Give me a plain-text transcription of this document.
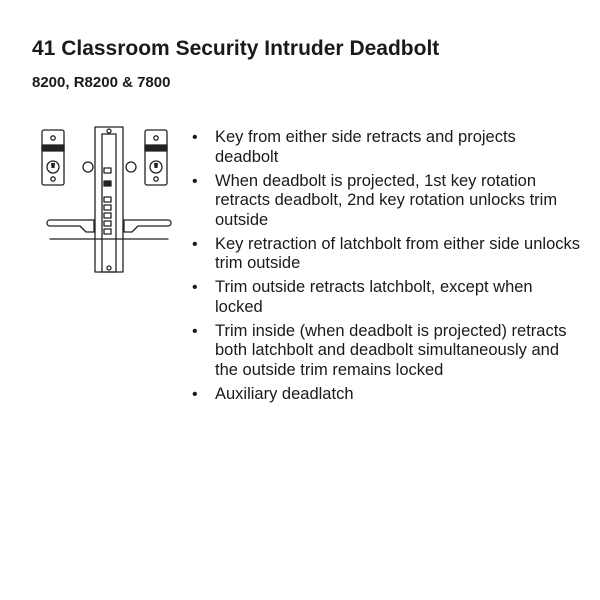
41 Classroom Security Intruder Deadbolt
8200, R8200 & 7800
• Key from either side retracts and projects deadbolt
• When deadbolt is projected, 1st key rotation retracts deadbolt, 2nd key rotation unlocks trim outside
• Key retraction of latchbolt from either side unlocks trim outside
• Trim outside retracts latchbolt, except when locked
• Trim inside (when deadbolt is projected) retracts both latchbolt and deadbolt simultaneously and the outside trim remains locked
• Auxiliary deadlatch
